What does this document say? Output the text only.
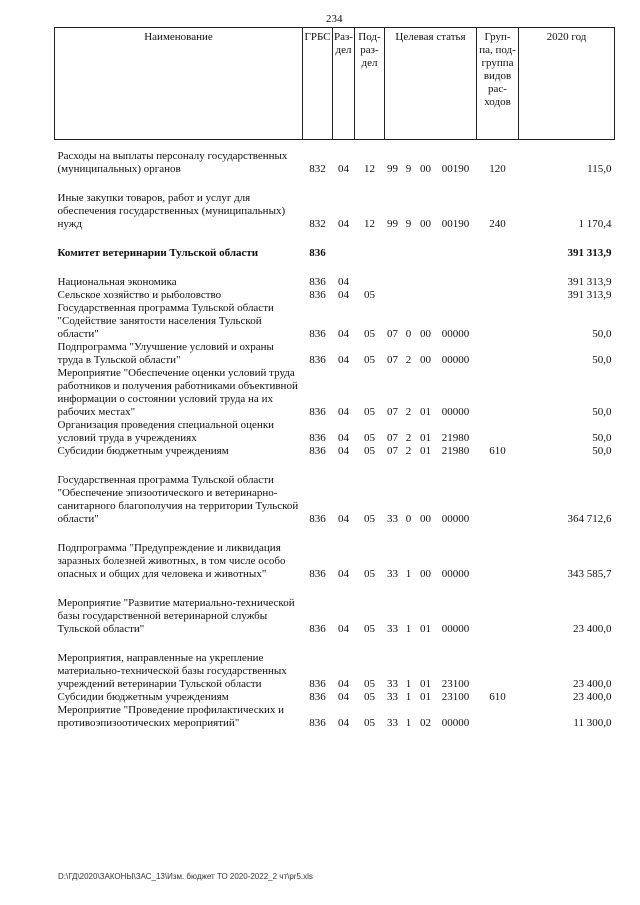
234
Наименование	ГРБС	Раз-дел	Под-раз-дел	Целевая статья				Груп-па, под-группа видов рас-ходов	2020 год
Расходы на выплаты персоналу государственных (муниципальных) органов	832	04	12	99	9	00	00190	120	115,0
Иные закупки товаров, работ и услуг для обеспечения государственных (муниципальных) нужд	832	04	12	99	9	00	00190	240	1 170,4
Комитет ветеринарии Тульской области	836								391 313,9
Национальная экономика	836	04							391 313,9
Сельское хозяйство и рыболовство	836	04	05						391 313,9
Государственная программа Тульской области "Содействие занятости населения Тульской области"	836	04	05	07	0	00	00000		50,0
Подпрограмма "Улучшение условий и охраны труда в Тульской области"	836	04	05	07	2	00	00000		50,0
Мероприятие "Обеспечение оценки условий труда работников и получения работниками объективной информации о состоянии условий труда на их рабочих местах"	836	04	05	07	2	01	00000		50,0
Организация проведения специальной оценки условий труда в учреждениях	836	04	05	07	2	01	21980		50,0
Субсидии бюджетным учреждениям	836	04	05	07	2	01	21980	610	50,0
Государственная программа Тульской области "Обеспечение эпизоотического и ветеринарно-санитарного благополучия на территории Тульской области"	836	04	05	33	0	00	00000		364 712,6
Подпрограмма "Предупреждение и ликвидация заразных болезней животных, в том числе особо опасных и общих для человека и животных"	836	04	05	33	1	00	00000		343 585,7
Мероприятие "Развитие материально-технической базы государственной ветеринарной службы Тульской области"	836	04	05	33	1	01	00000		23 400,0
Мероприятия, направленные на укрепление материально-технической базы государственных учреждений ветеринарии Тульской области	836	04	05	33	1	01	23100		23 400,0
Субсидии бюджетным учреждениям	836	04	05	33	1	01	23100	610	23 400,0
Мероприятие "Проведение профилактических и противоэпизоотических мероприятий"	836	04	05	33	1	02	00000		11 300,0
D:\ГД\2020\ЗАКОНЫ\ЗАС_13\Изм. бюджет ТО 2020-2022_2 чт\pr5.xls
